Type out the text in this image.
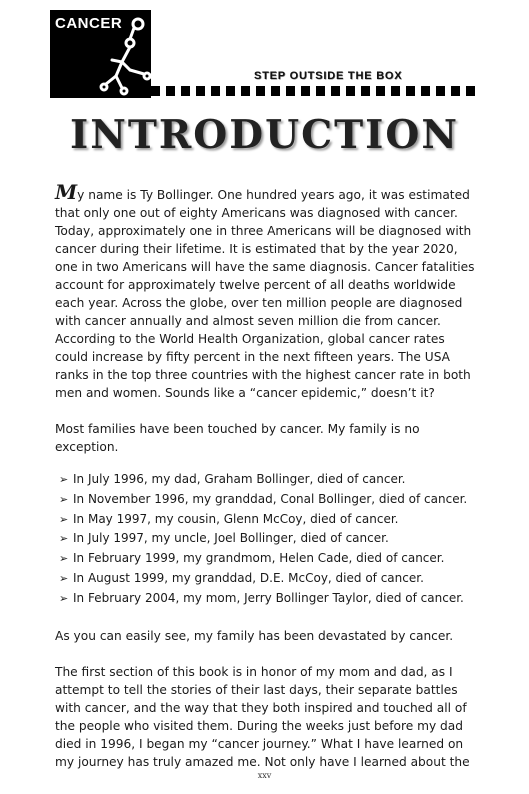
CANCER
STEP OUTSIDE THE BOX
INTRODUCTION
My name is Ty Bollinger. One hundred years ago, it was estimated
that only one out of eighty Americans was diagnosed with cancer.
Today, approximately one in three Americans will be diagnosed with
cancer during their lifetime. It is estimated that by the year 2020,
one in two Americans will have the same diagnosis. Cancer fatalities
account for approximately twelve percent of all deaths worldwide
each year. Across the globe, over ten million people are diagnosed
with cancer annually and almost seven million die from cancer.
According to the World Health Organization, global cancer rates
could increase by fifty percent in the next fifteen years. The USA
ranks in the top three countries with the highest cancer rate in both
men and women. Sounds like a “cancer epidemic,” doesn’t it?
Most families have been touched by cancer. My family is no
exception.
➢ In July 1996, my dad, Graham Bollinger, died of cancer.
➢ In November 1996, my granddad, Conal Bollinger, died of cancer.
➢ In May 1997, my cousin, Glenn McCoy, died of cancer.
➢ In July 1997, my uncle, Joel Bollinger, died of cancer.
➢ In February 1999, my grandmom, Helen Cade, died of cancer.
➢ In August 1999, my granddad, D.E. McCoy, died of cancer.
➢ In February 2004, my mom, Jerry Bollinger Taylor, died of cancer.
As you can easily see, my family has been devastated by cancer.
The first section of this book is in honor of my mom and dad, as I
attempt to tell the stories of their last days, their separate battles
with cancer, and the way that they both inspired and touched all of
the people who visited them. During the weeks just before my dad
died in 1996, I began my “cancer journey.” What I have learned on
my journey has truly amazed me. Not only have I learned about the
xxv
